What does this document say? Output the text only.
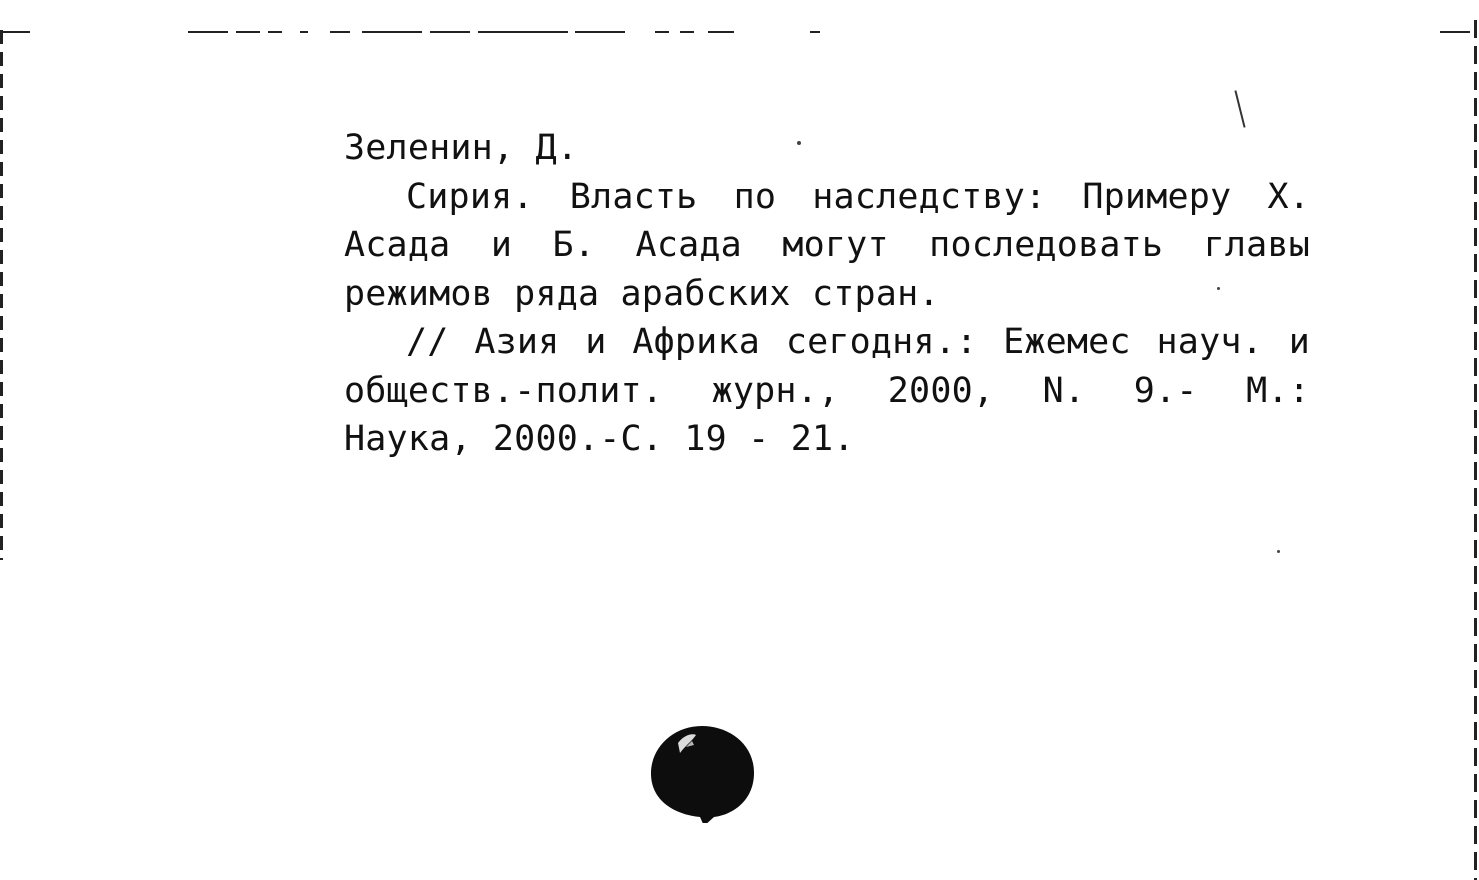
Зеленин, Д.
Сирия. Власть по наследству: Примеру Х.
Асада и Б. Асада могут последовать главы
режимов ряда арабских стран.
// Азия и Африка сегодня.: Ежемес науч. и
обществ.-полит. журн., 2000, N. 9.- М.:
Наука, 2000.-С. 19 - 21.
